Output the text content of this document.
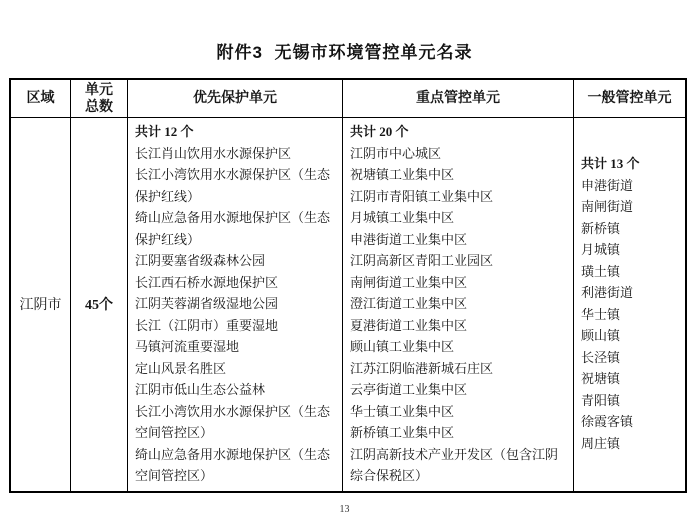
附件3  无锡市环境管控单元名录
区域
单元
总数
优先保护单元	重点管控单元	一般管控单元
江阴市 45个
共计 12 个
长江肖山饮用水水源保护区
长江小湾饮用水水源保护区（生态保护红线）
绮山应急备用水源地保护区（生态保护红线）
江阴要塞省级森林公园
长江西石桥水源地保护区
江阴芙蓉湖省级湿地公园
长江（江阴市）重要湿地
马镇河流重要湿地
定山风景名胜区
江阴市低山生态公益林
长江小湾饮用水水源保护区（生态空间管控区）
绮山应急备用水源地保护区（生态空间管控区）
共计 20 个
江阴市中心城区
祝塘镇工业集中区
江阴市青阳镇工业集中区
月城镇工业集中区
申港街道工业集中区
江阴高新区青阳工业园区
南闸街道工业集中区
澄江街道工业集中区
夏港街道工业集中区
顾山镇工业集中区
江苏江阴临港新城石庄区
云亭街道工业集中区
华士镇工业集中区
新桥镇工业集中区
江阴高新技术产业开发区（包含江阴综合保税区）
共计 13 个
申港街道
南闸街道
新桥镇
月城镇
璜土镇
利港街道
华士镇
顾山镇
长泾镇
祝塘镇
青阳镇
徐霞客镇
周庄镇
13
